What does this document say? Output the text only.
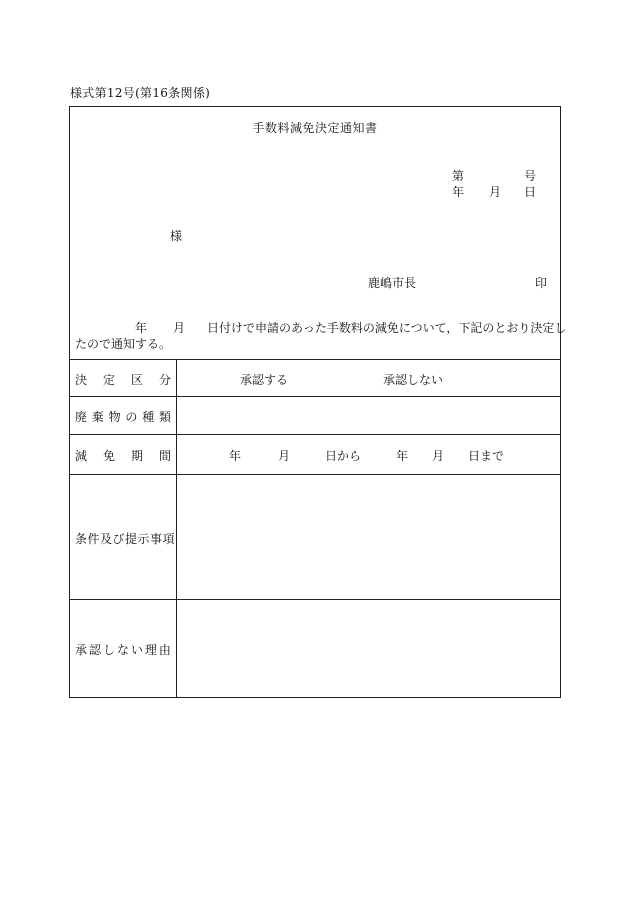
様式第12号(第16条関係)
手数料減免決定通知書
第	号
年 月 日
様
鹿嶋市長	印
年 月 日付けで申請のあった手数料の減免について，下記のとおり決定し
たので通知する。
決 定 区 分	承認する	承認しない
廃 棄 物 の 種 類
減 免 期 間	年	月	日から	年 月 日まで
条件及び提示事項
承 認 し な い 理 由
